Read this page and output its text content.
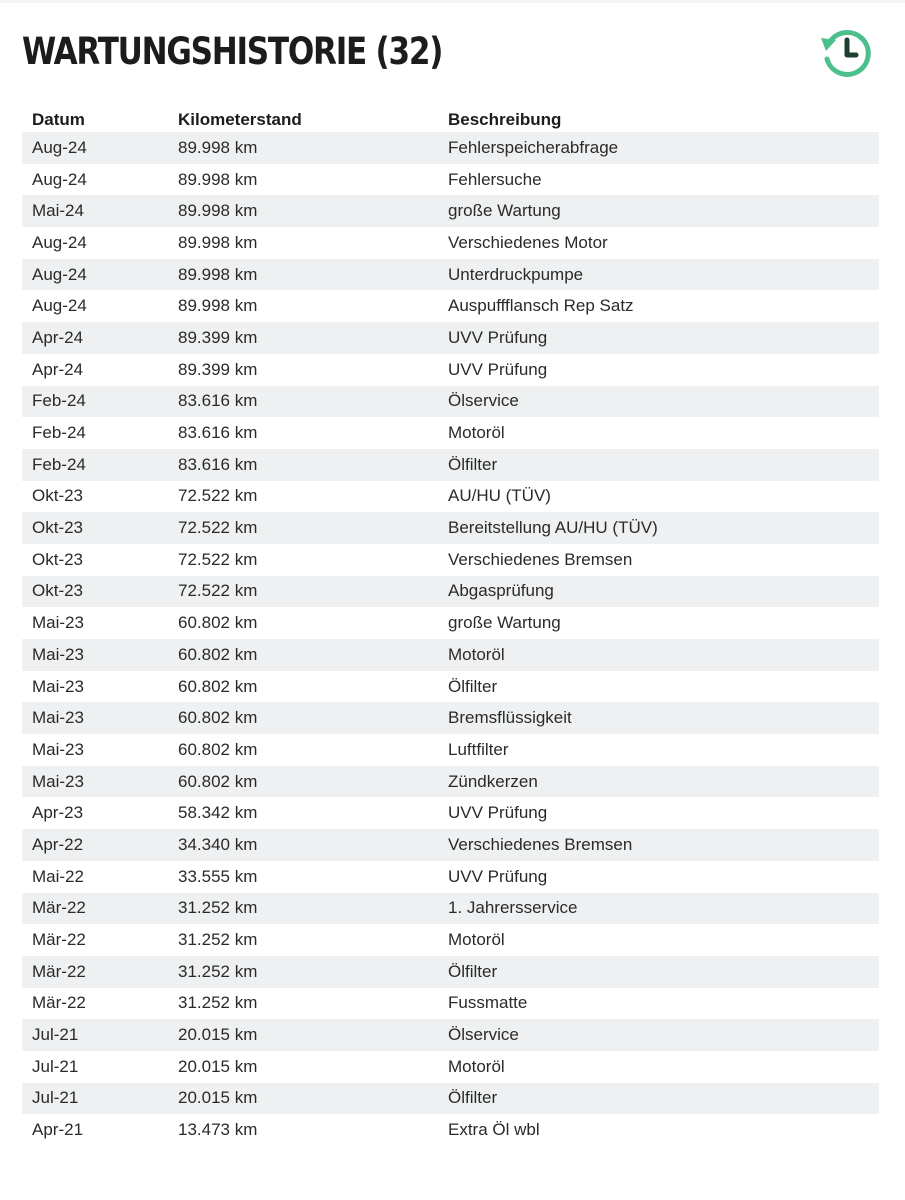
WARTUNGSHISTORIE (32)
Datum	Kilometerstand	Beschreibung
Aug-24	89.998 km	Fehlerspeicherabfrage
Aug-24	89.998 km	Fehlersuche
Mai-24	89.998 km	große Wartung
Aug-24	89.998 km	Verschiedenes Motor
Aug-24	89.998 km	Unterdruckpumpe
Aug-24	89.998 km	Auspuffflansch Rep Satz
Apr-24	89.399 km	UVV Prüfung
Apr-24	89.399 km	UVV Prüfung
Feb-24	83.616 km	Ölservice
Feb-24	83.616 km	Motoröl
Feb-24	83.616 km	Ölfilter
Okt-23	72.522 km	AU/HU (TÜV)
Okt-23	72.522 km	Bereitstellung AU/HU (TÜV)
Okt-23	72.522 km	Verschiedenes Bremsen
Okt-23	72.522 km	Abgasprüfung
Mai-23	60.802 km	große Wartung
Mai-23	60.802 km	Motoröl
Mai-23	60.802 km	Ölfilter
Mai-23	60.802 km	Bremsflüssigkeit
Mai-23	60.802 km	Luftfilter
Mai-23	60.802 km	Zündkerzen
Apr-23	58.342 km	UVV Prüfung
Apr-22	34.340 km	Verschiedenes Bremsen
Mai-22	33.555 km	UVV Prüfung
Mär-22	31.252 km	1. Jahrersservice
Mär-22	31.252 km	Motoröl
Mär-22	31.252 km	Ölfilter
Mär-22	31.252 km	Fussmatte
Jul-21	20.015 km	Ölservice
Jul-21	20.015 km	Motoröl
Jul-21	20.015 km	Ölfilter
Apr-21	13.473 km	Extra Öl wbl
